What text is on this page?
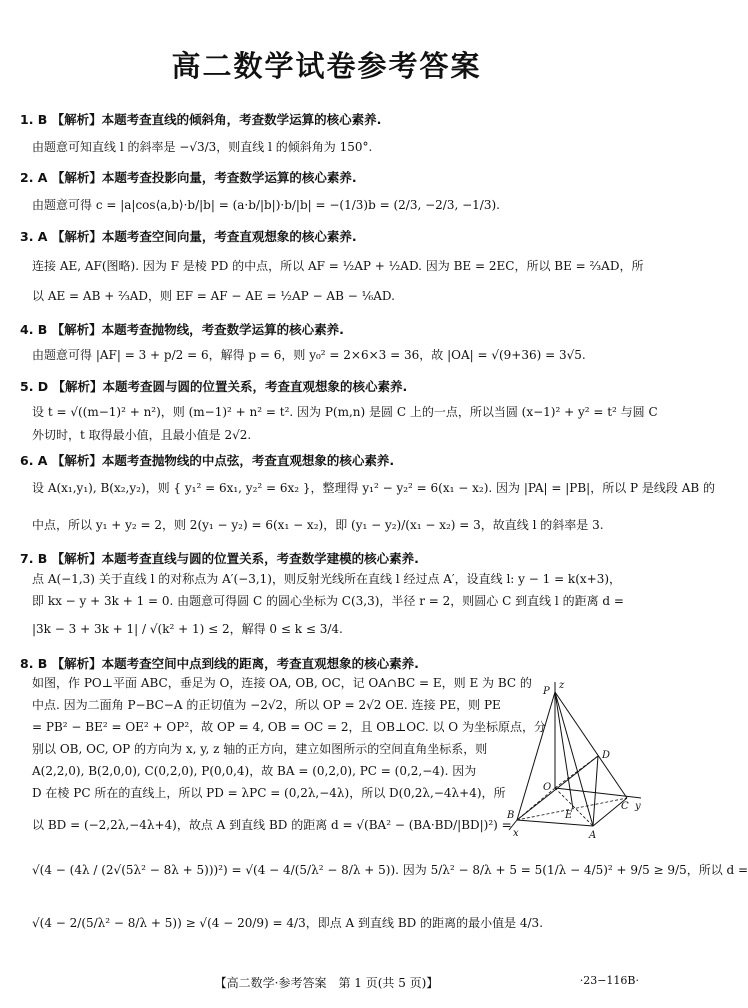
高二数学试卷参考答案
1. B 【解析】本题考查直线的倾斜角，考查数学运算的核心素养.
由题意可知直线 l 的斜率是 −√3/3，则直线 l 的倾斜角为 150°.
2. A 【解析】本题考查投影向量，考查数学运算的核心素养.
由题意可得 c = |a|cos⟨a,b⟩·b/|b| = (a·b/|b|)·b/|b| = −(1/3)b = (2/3, −2/3, −1/3).
3. A 【解析】本题考查空间向量，考查直观想象的核心素养.
连接 AE, AF(图略). 因为 F 是棱 PD 的中点，所以 AF = ½AP + ½AD. 因为 BE = 2EC，所以 BE = ⅔AD，所
以 AE = AB + ⅔AD，则 EF = AF − AE = ½AP − AB − ⅙AD.
4. B 【解析】本题考查抛物线，考查数学运算的核心素养.
由题意可得 |AF| = 3 + p/2 = 6，解得 p = 6，则 y₀² = 2×6×3 = 36，故 |OA| = √(9+36) = 3√5.
5. D 【解析】本题考查圆与圆的位置关系，考查直观想象的核心素养.
设 t = √((m−1)² + n²)，则 (m−1)² + n² = t². 因为 P(m,n) 是圆 C 上的一点，所以当圆 (x−1)² + y² = t² 与圆 C
外切时，t 取得最小值，且最小值是 2√2.
6. A 【解析】本题考查抛物线的中点弦，考查直观想象的核心素养.
设 A(x₁,y₁), B(x₂,y₂)，则 { y₁² = 6x₁, y₂² = 6x₂ }，整理得 y₁² − y₂² = 6(x₁ − x₂). 因为 |PA| = |PB|，所以 P 是线段 AB 的
中点，所以 y₁ + y₂ = 2，则 2(y₁ − y₂) = 6(x₁ − x₂)，即 (y₁ − y₂)/(x₁ − x₂) = 3，故直线 l 的斜率是 3.
7. B 【解析】本题考查直线与圆的位置关系，考查数学建模的核心素养.
点 A(−1,3) 关于直线 l 的对称点为 A′(−3,1)，则反射光线所在直线 l 经过点 A′，设直线 l: y − 1 = k(x+3)，
即 kx − y + 3k + 1 = 0. 由题意可得圆 C 的圆心坐标为 C(3,3)，半径 r = 2，则圆心 C 到直线 l 的距离 d =
|3k − 3 + 3k + 1| / √(k² + 1) ≤ 2，解得 0 ≤ k ≤ 3/4.
8. B 【解析】本题考查空间中点到线的距离，考查直观想象的核心素养.
如图，作 PO⊥平面 ABC，垂足为 O，连接 OA, OB, OC，记 OA∩BC = E，则 E 为 BC 的
中点. 因为二面角 P−BC−A 的正切值为 −2√2，所以 OP = 2√2 OE. 连接 PE，则 PE
= PB² − BE² = OE² + OP²，故 OP = 4, OB = OC = 2，且 OB⊥OC. 以 O 为坐标原点，分
别以 OB, OC, OP 的方向为 x, y, z 轴的正方向，建立如图所示的空间直角坐标系，则
A(2,2,0), B(2,0,0), C(0,2,0), P(0,0,4)，故 BA = (0,2,0), PC = (0,2,−4). 因为
D 在棱 PC 所在的直线上，所以 PD = λPC = (0,2λ,−4λ)，所以 D(0,2λ,−4λ+4)，所
以 BD = (−2,2λ,−4λ+4)，故点 A 到直线 BD 的距离 d = √(BA² − (BA·BD/|BD|)²) =
√(4 − (4λ / (2√(5λ² − 8λ + 5)))²) = √(4 − 4/(5/λ² − 8/λ + 5)). 因为 5/λ² − 8/λ + 5 = 5(1/λ − 4/5)² + 9/5 ≥ 9/5，所以 d =
√(4 − 2/(5/λ² − 8/λ + 5)) ≥ √(4 − 20/9) = 4/3，即点 A 到直线 BD 的距离的最小值是 4/3.
P
z
D
O
C y
E
B
x	A
【高二数学·参考答案　第 1 页(共 5 页)】	·23−116B·
